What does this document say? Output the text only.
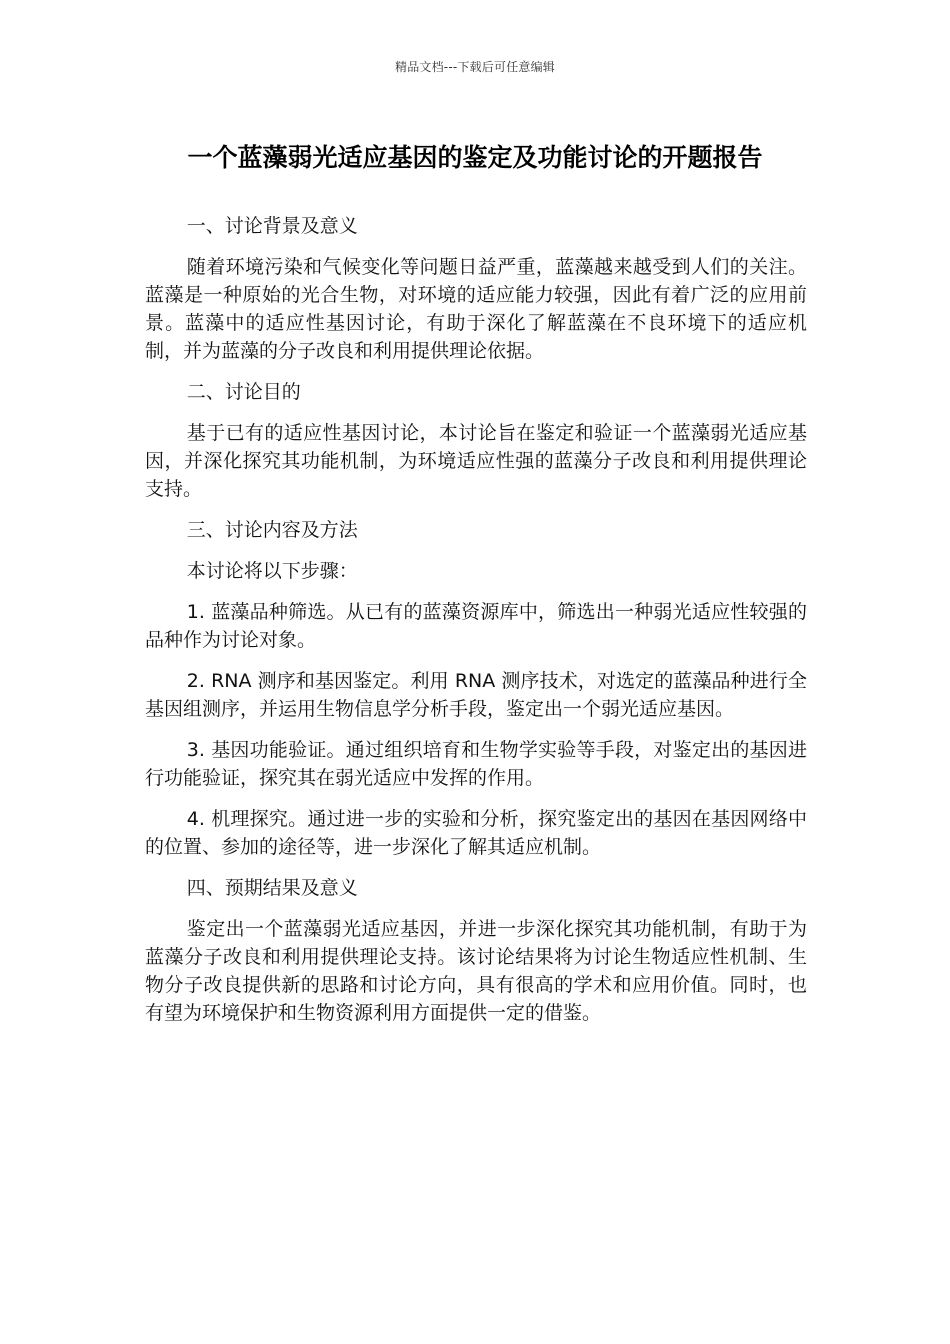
精品文档---下载后可任意编辑
一个蓝藻弱光适应基因的鉴定及功能讨论的开题报告

一、讨论背景及意义

随着环境污染和气候变化等问题日益严重，蓝藻越来越受到人们的关注。蓝藻是一种原始的光合生物，对环境的适应能力较强，因此有着广泛的应用前景。蓝藻中的适应性基因讨论，有助于深化了解蓝藻在不良环境下的适应机制，并为蓝藻的分子改良和利用提供理论依据。

二、讨论目的

基于已有的适应性基因讨论，本讨论旨在鉴定和验证一个蓝藻弱光适应基因，并深化探究其功能机制，为环境适应性强的蓝藻分子改良和利用提供理论支持。

三、讨论内容及方法

本讨论将以下步骤：

1. 蓝藻品种筛选。从已有的蓝藻资源库中，筛选出一种弱光适应性较强的品种作为讨论对象。

2. RNA 测序和基因鉴定。利用 RNA 测序技术，对选定的蓝藻品种进行全基因组测序，并运用生物信息学分析手段，鉴定出一个弱光适应基因。

3. 基因功能验证。通过组织培育和生物学实验等手段，对鉴定出的基因进行功能验证，探究其在弱光适应中发挥的作用。

4. 机理探究。通过进一步的实验和分析，探究鉴定出的基因在基因网络中的位置、参加的途径等，进一步深化了解其适应机制。

四、预期结果及意义

鉴定出一个蓝藻弱光适应基因，并进一步深化探究其功能机制，有助于为蓝藻分子改良和利用提供理论支持。该讨论结果将为讨论生物适应性机制、生物分子改良提供新的思路和讨论方向，具有很高的学术和应用价值。同时，也有望为环境保护和生物资源利用方面提供一定的借鉴。
